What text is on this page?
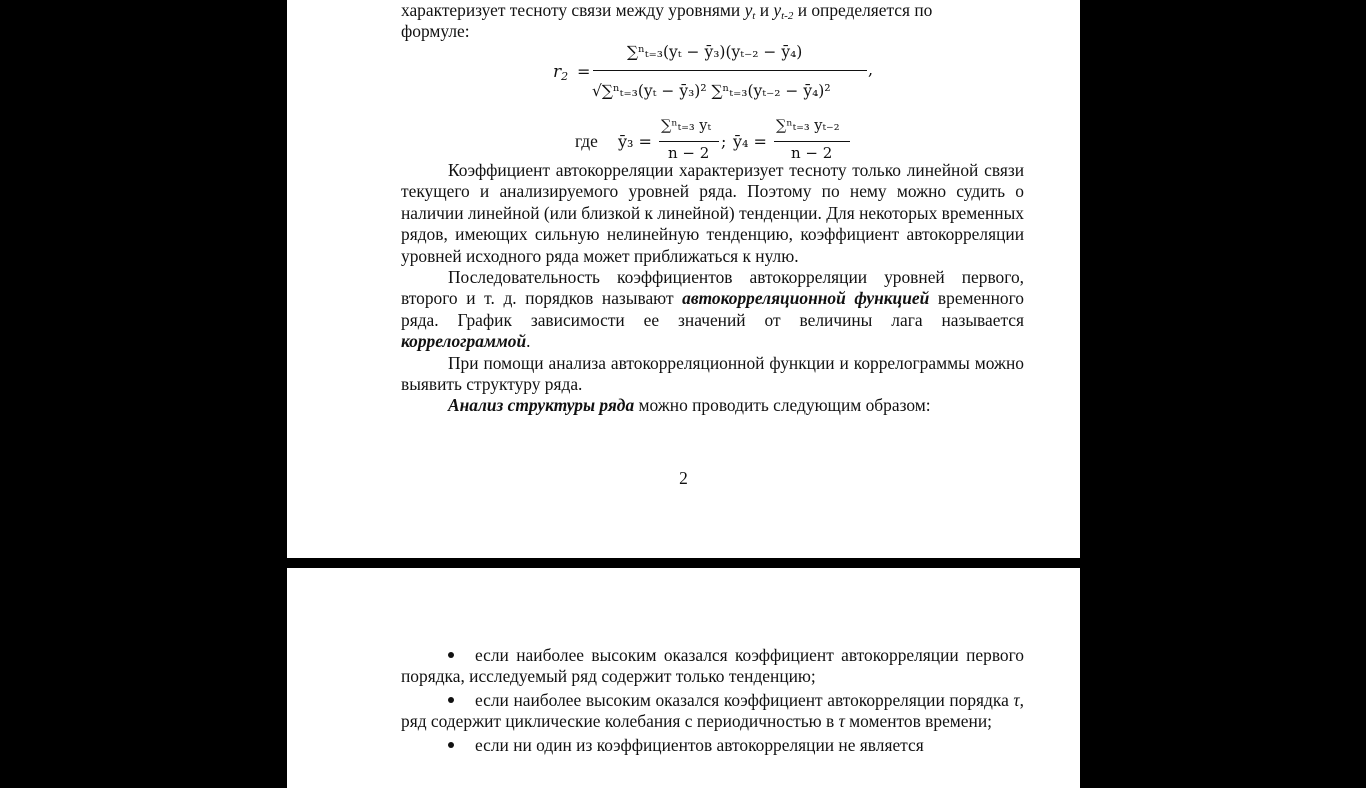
характеризует тесноту связи между уровнями $y_t$ и $y_{t-2}$ и определяется по

формуле:

$r_2$ =
∑ⁿₜ₌₃(yₜ − ȳ₃)(yₜ₋₂ − ȳ₄)
√∑ⁿₜ₌₃(yₜ − ȳ₃)² ∑ⁿₜ₌₃(yₜ₋₂ − ȳ₄)²
,
где ȳ₃ =
∑ⁿₜ₌₃ yₜ
n − 2
; ȳ₄ =
∑ⁿₜ₌₃ yₜ₋₂
n − 2

Коэффициент автокорреляции характеризует тесноту только линейной связи текущего и анализируемого уровней ряда. Поэтому по нему можно судить о наличии линейной (или близкой к линейной) тенденции. Для некоторых временных рядов, имеющих сильную нелинейную тенденцию, коэффициент автокорреляции уровней исходного ряда может приближаться к нулю.

Последовательность коэффициентов автокорреляции уровней первого, второго и т. д. порядков называют автокорреляционной функцией временного ряда. График зависимости ее значений от величины лага называется коррелограммой.

При помощи анализа автокорреляционной функции и коррелограммы можно выявить структуру ряда.

Анализ структуры ряда можно проводить следующим образом:

2

если наиболее высоким оказался коэффициент автокорреляции первого порядка, исследуемый ряд содержит только тенденцию;

если наиболее высоким оказался коэффициент автокорреляции порядка τ, ряд содержит циклические колебания с периодичностью в τ моментов времени;

если ни один из коэффициентов автокорреляции не является
